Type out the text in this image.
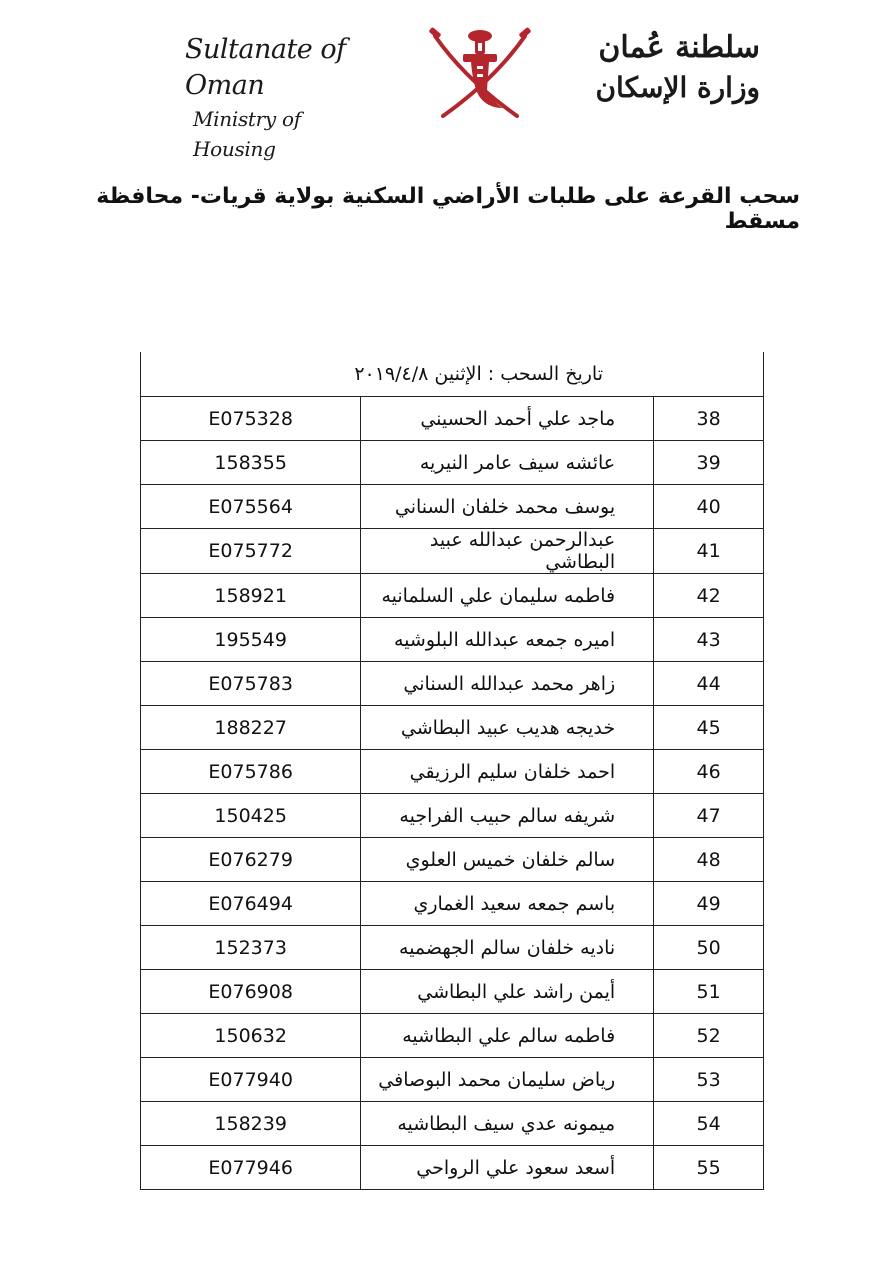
Sultanate of Oman
Ministry of Housing
سلطنة عُمان
وزارة الإسكان
سحب القرعة على طلبات الأراضي السكنية بولاية قريات- محافظة مسقط
تاريخ السحب : الإثنين ٢٠١٩/٤/٨		
E075328	ماجد علي أحمد الحسيني	38
158355	عائشه سيف عامر النيريه	39
E075564	يوسف محمد خلفان السناني	40
E075772	عبدالرحمن عبدالله عبيد البطاشي	41
158921	فاطمه سليمان علي السلمانيه	42
195549	اميره جمعه عبدالله البلوشيه	43
E075783	زاهر محمد عبدالله السناني	44
188227	خديجه هديب عبيد البطاشي	45
E075786	احمد خلفان سليم الرزيقي	46
150425	شريفه سالم حبيب الفراجيه	47
E076279	سالم خلفان خميس العلوي	48
E076494	باسم جمعه سعيد الغماري	49
152373	ناديه خلفان سالم الجهضميه	50
E076908	أيمن راشد علي البطاشي	51
150632	فاطمه سالم علي البطاشيه	52
E077940	رياض سليمان محمد البوصافي	53
158239	ميمونه عدي سيف البطاشيه	54
E077946	أسعد سعود علي الرواحي	55
